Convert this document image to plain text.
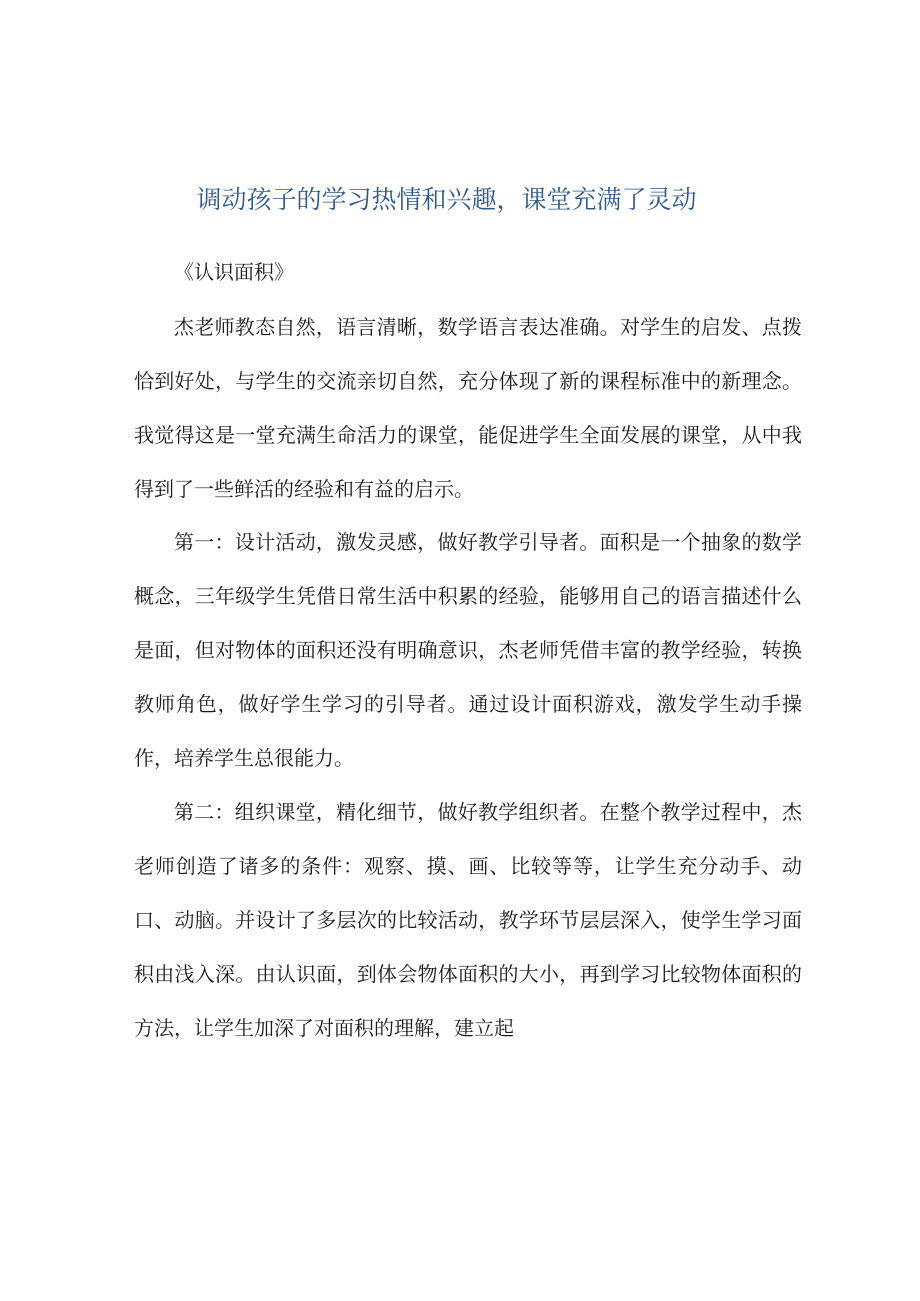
调动孩子的学习热情和兴趣，课堂充满了灵动
《认识面积》

杰老师教态自然，语言清晰，数学语言表达准确。对学生的启发、点拨恰到好处，与学生的交流亲切自然，充分体现了新的课程标准中的新理念。我觉得这是一堂充满生命活力的课堂，能促进学生全面发展的课堂，从中我得到了一些鲜活的经验和有益的启示。

第一：设计活动，激发灵感，做好教学引导者。面积是一个抽象的数学概念，三年级学生凭借日常生活中积累的经验，能够用自己的语言描述什么是面，但对物体的面积还没有明确意识，杰老师凭借丰富的教学经验，转换教师角色，做好学生学习的引导者。通过设计面积游戏，激发学生动手操作，培养学生总很能力。

第二：组织课堂，精化细节，做好教学组织者。在整个教学过程中，杰老师创造了诸多的条件：观察、摸、画、比较等等，让学生充分动手、动口、动脑。并设计了多层次的比较活动，教学环节层层深入，使学生学习面积由浅入深。由认识面，到体会物体面积的大小，再到学习比较物体面积的方法，让学生加深了对面积的理解，建立起
